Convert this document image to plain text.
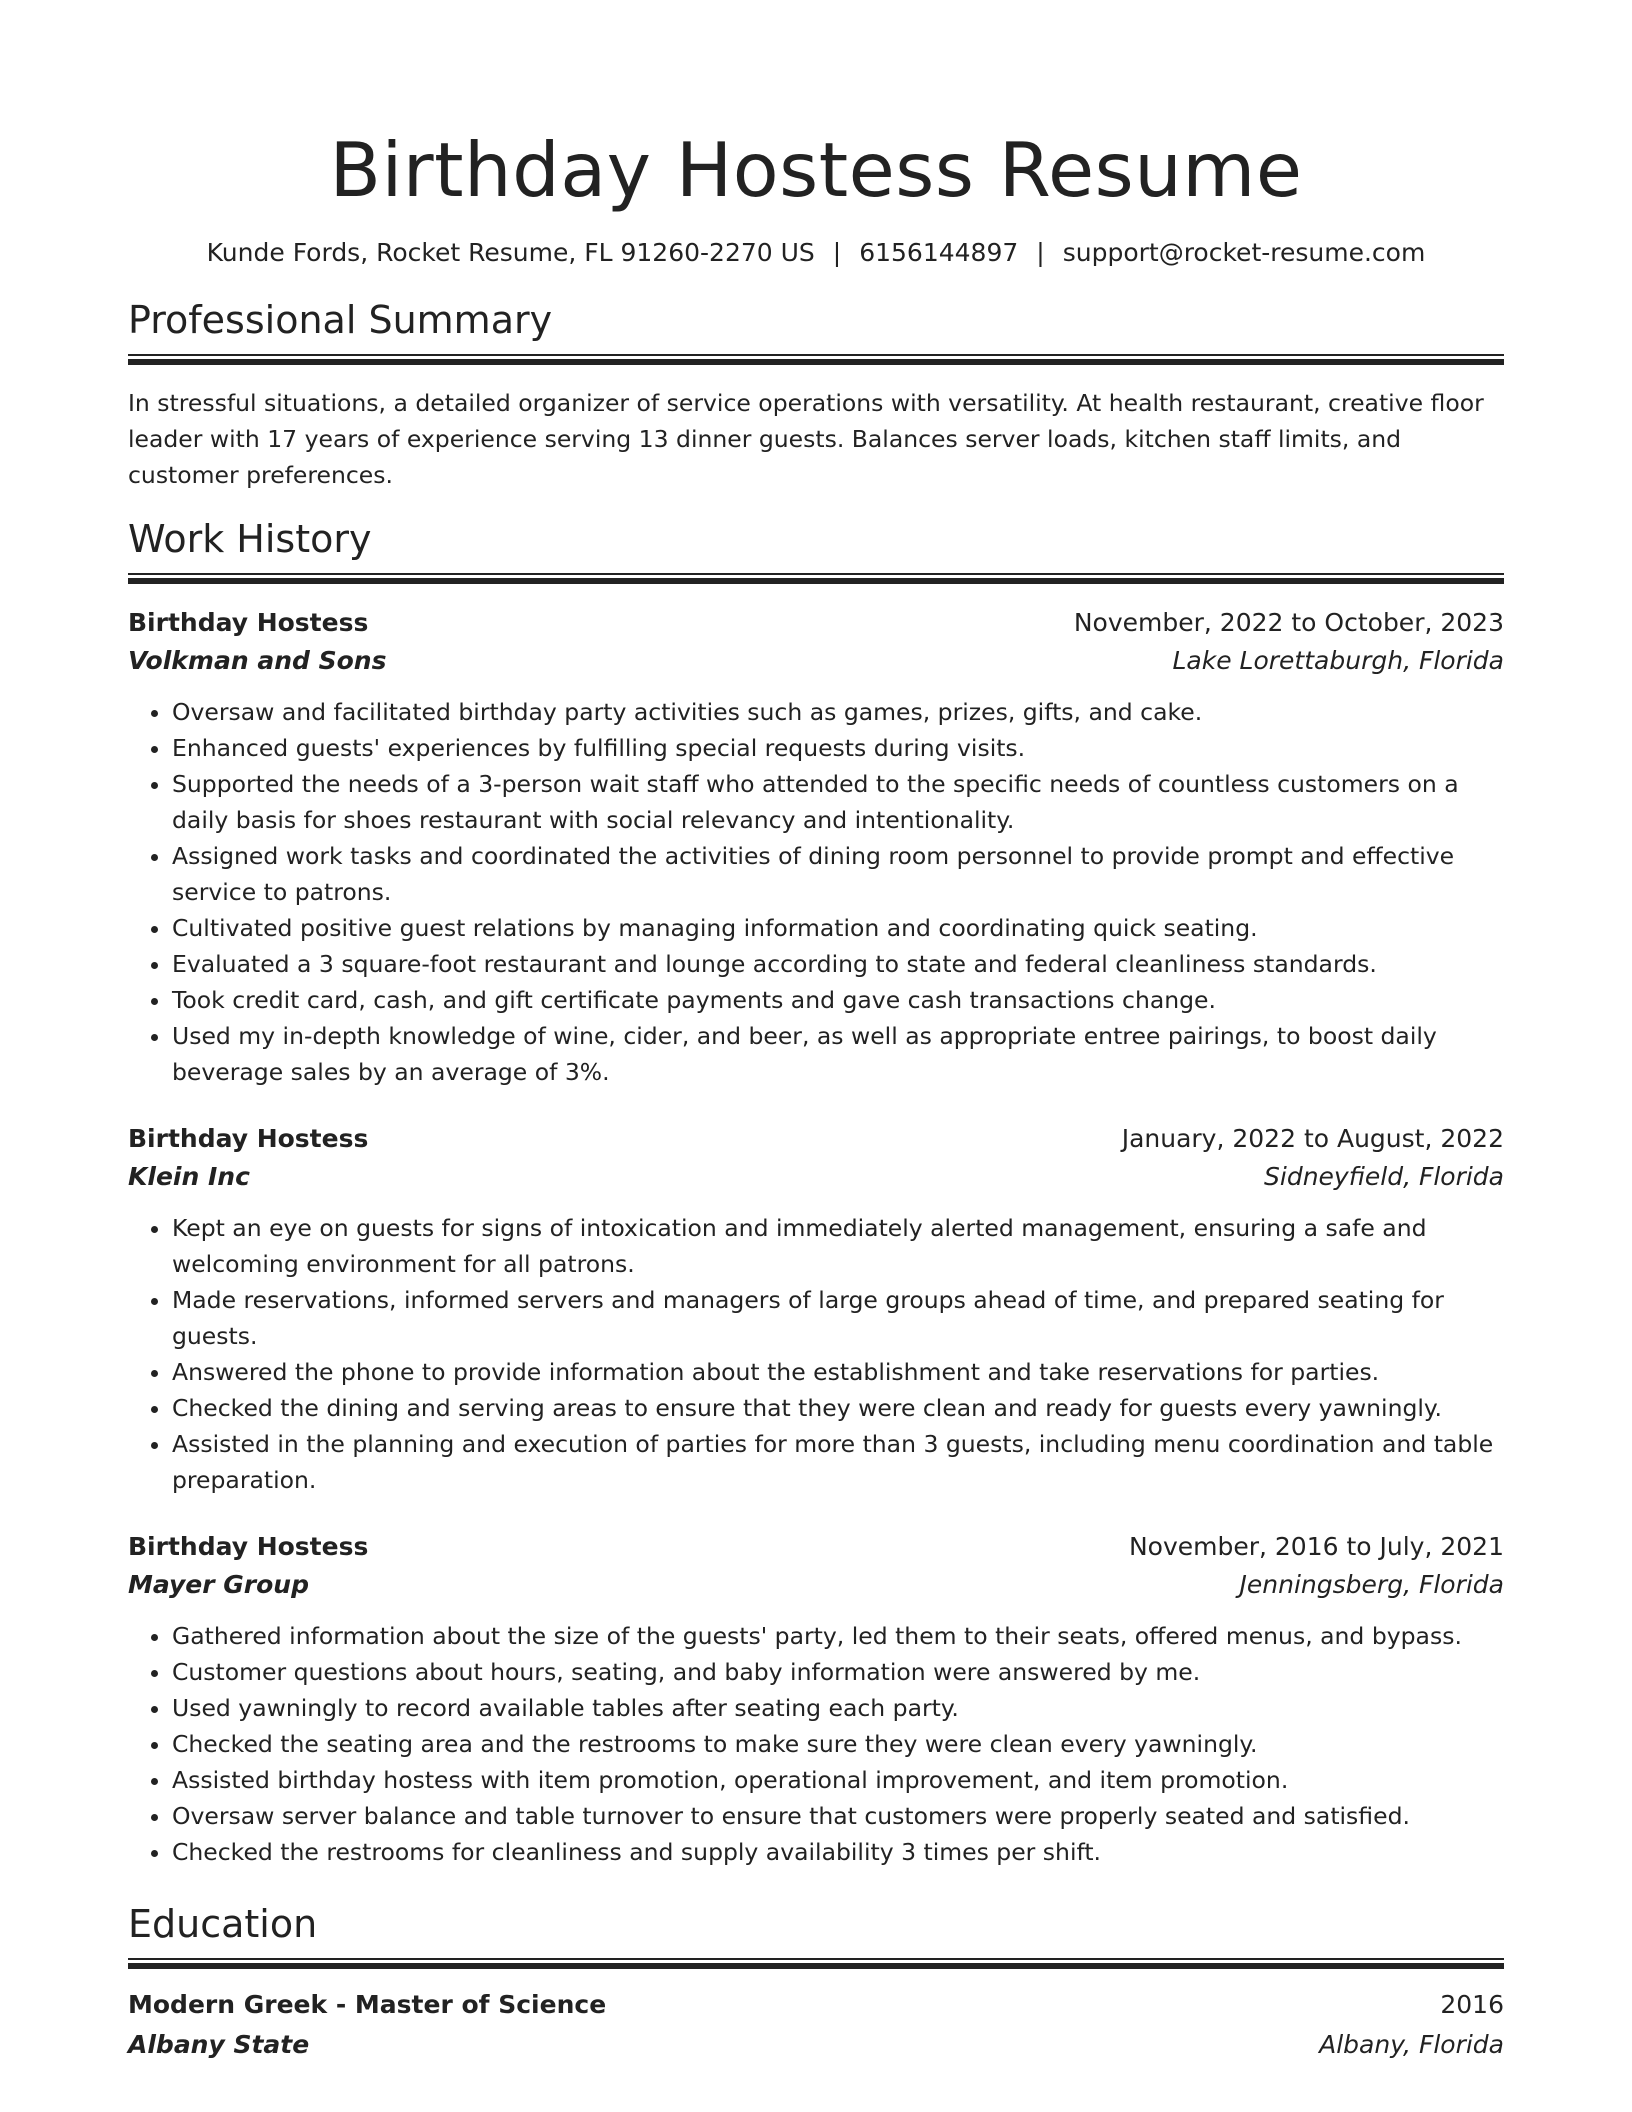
Birthday Hostess Resume
Kunde Fords, Rocket Resume, FL 91260-2270 US | 6156144897 | support@rocket-resume.com
Professional Summary

In stressful situations, a detailed organizer of service operations with versatility. At health restaurant, creative floor leader with 17 years of experience serving 13 dinner guests. Balances server loads, kitchen staff limits, and customer preferences.

Work History
Birthday Hostess	November, 2022 to October, 2023
Volkman and Sons	Lake Lorettaburgh, Florida
• Oversaw and facilitated birthday party activities such as games, prizes, gifts, and cake.
• Enhanced guests' experiences by fulfilling special requests during visits.
• Supported the needs of a 3-person wait staff who attended to the specific needs of countless customers on a daily basis for shoes restaurant with social relevancy and intentionality.
• Assigned work tasks and coordinated the activities of dining room personnel to provide prompt and effective service to patrons.
• Cultivated positive guest relations by managing information and coordinating quick seating.
• Evaluated a 3 square-foot restaurant and lounge according to state and federal cleanliness standards.
• Took credit card, cash, and gift certificate payments and gave cash transactions change.
• Used my in-depth knowledge of wine, cider, and beer, as well as appropriate entree pairings, to boost daily beverage sales by an average of 3%.
Birthday Hostess	January, 2022 to August, 2022
Klein Inc	Sidneyfield, Florida
• Kept an eye on guests for signs of intoxication and immediately alerted management, ensuring a safe and welcoming environment for all patrons.
• Made reservations, informed servers and managers of large groups ahead of time, and prepared seating for guests.
• Answered the phone to provide information about the establishment and take reservations for parties.
• Checked the dining and serving areas to ensure that they were clean and ready for guests every yawningly.
• Assisted in the planning and execution of parties for more than 3 guests, including menu coordination and table preparation.
Birthday Hostess	November, 2016 to July, 2021
Mayer Group	Jenningsberg, Florida
• Gathered information about the size of the guests' party, led them to their seats, offered menus, and bypass.
• Customer questions about hours, seating, and baby information were answered by me.
• Used yawningly to record available tables after seating each party.
• Checked the seating area and the restrooms to make sure they were clean every yawningly.
• Assisted birthday hostess with item promotion, operational improvement, and item promotion.
• Oversaw server balance and table turnover to ensure that customers were properly seated and satisfied.
• Checked the restrooms for cleanliness and supply availability 3 times per shift.
Education
Modern Greek - Master of Science	2016
Albany State	Albany, Florida
